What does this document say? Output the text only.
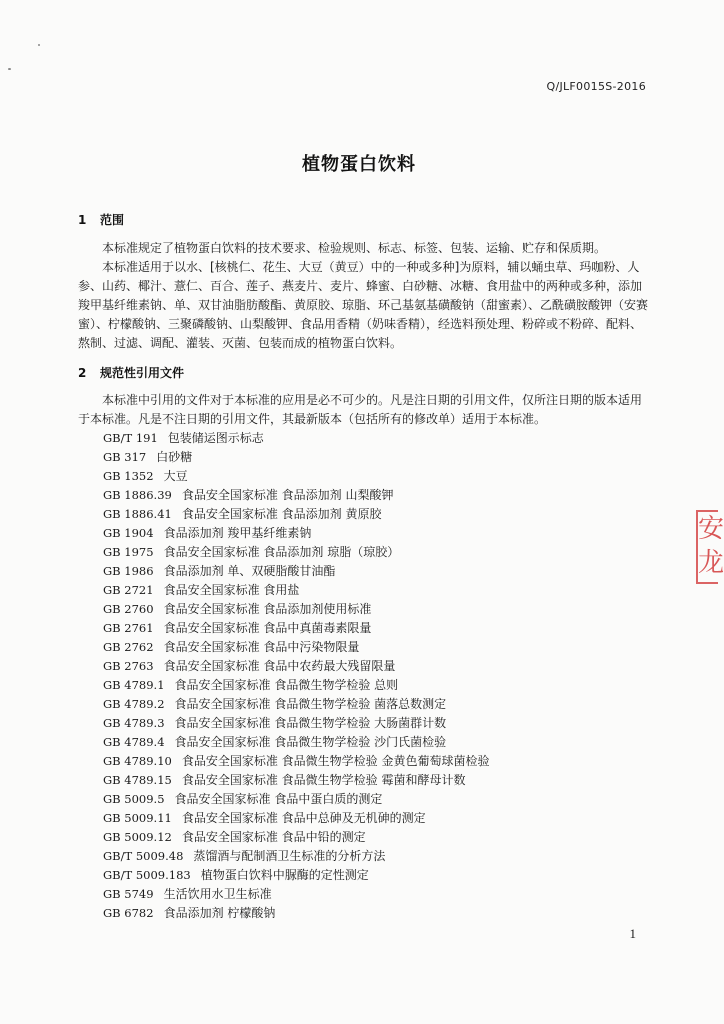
Q/JLF0015S-2016
植物蛋白饮料
1 范围
本标准规定了植物蛋白饮料的技术要求、检验规则、标志、标签、包装、运输、贮存和保质期。
本标准适用于以水、[核桃仁、花生、大豆（黄豆）中的一种或多种]为原料，辅以蛹虫草、玛咖粉、人参、山药、椰汁、薏仁、百合、莲子、燕麦片、麦片、蜂蜜、白砂糖、冰糖、食用盐中的两种或多种，添加羧甲基纤维素钠、单、双甘油脂肪酸酯、黄原胶、琼脂、环己基氨基磺酸钠（甜蜜素）、乙酰磺胺酸钾（安赛蜜）、柠檬酸钠、三聚磷酸钠、山梨酸钾、食品用香精（奶味香精），经选料预处理、粉碎或不粉碎、配料、熬制、过滤、调配、灌装、灭菌、包装而成的植物蛋白饮料。
2 规范性引用文件
本标准中引用的文件对于本标准的应用是必不可少的。凡是注日期的引用文件，仅所注日期的版本适用于本标准。凡是不注日期的引用文件，其最新版本（包括所有的修改单）适用于本标准。
GB/T 191 包装储运图示标志
GB 317 白砂糖
GB 1352 大豆
GB 1886.39 食品安全国家标准 食品添加剂 山梨酸钾
GB 1886.41 食品安全国家标准 食品添加剂 黄原胶
GB 1904 食品添加剂 羧甲基纤维素钠
GB 1975 食品安全国家标准 食品添加剂 琼脂（琼胶）
GB 1986 食品添加剂 单、双硬脂酸甘油酯
GB 2721 食品安全国家标准 食用盐
GB 2760 食品安全国家标准 食品添加剂使用标准
GB 2761 食品安全国家标准 食品中真菌毒素限量
GB 2762 食品安全国家标准 食品中污染物限量
GB 2763 食品安全国家标准 食品中农药最大残留限量
GB 4789.1 食品安全国家标准 食品微生物学检验 总则
GB 4789.2 食品安全国家标准 食品微生物学检验 菌落总数测定
GB 4789.3 食品安全国家标准 食品微生物学检验 大肠菌群计数
GB 4789.4 食品安全国家标准 食品微生物学检验 沙门氏菌检验
GB 4789.10 食品安全国家标准 食品微生物学检验 金黄色葡萄球菌检验
GB 4789.15 食品安全国家标准 食品微生物学检验 霉菌和酵母计数
GB 5009.5 食品安全国家标准 食品中蛋白质的测定
GB 5009.11 食品安全国家标准 食品中总砷及无机砷的测定
GB 5009.12 食品安全国家标准 食品中铅的测定
GB/T 5009.48 蒸馏酒与配制酒卫生标准的分析方法
GB/T 5009.183 植物蛋白饮料中脲酶的定性测定
GB 5749 生活饮用水卫生标准
GB 6782 食品添加剂 柠檬酸钠
1
安龙
